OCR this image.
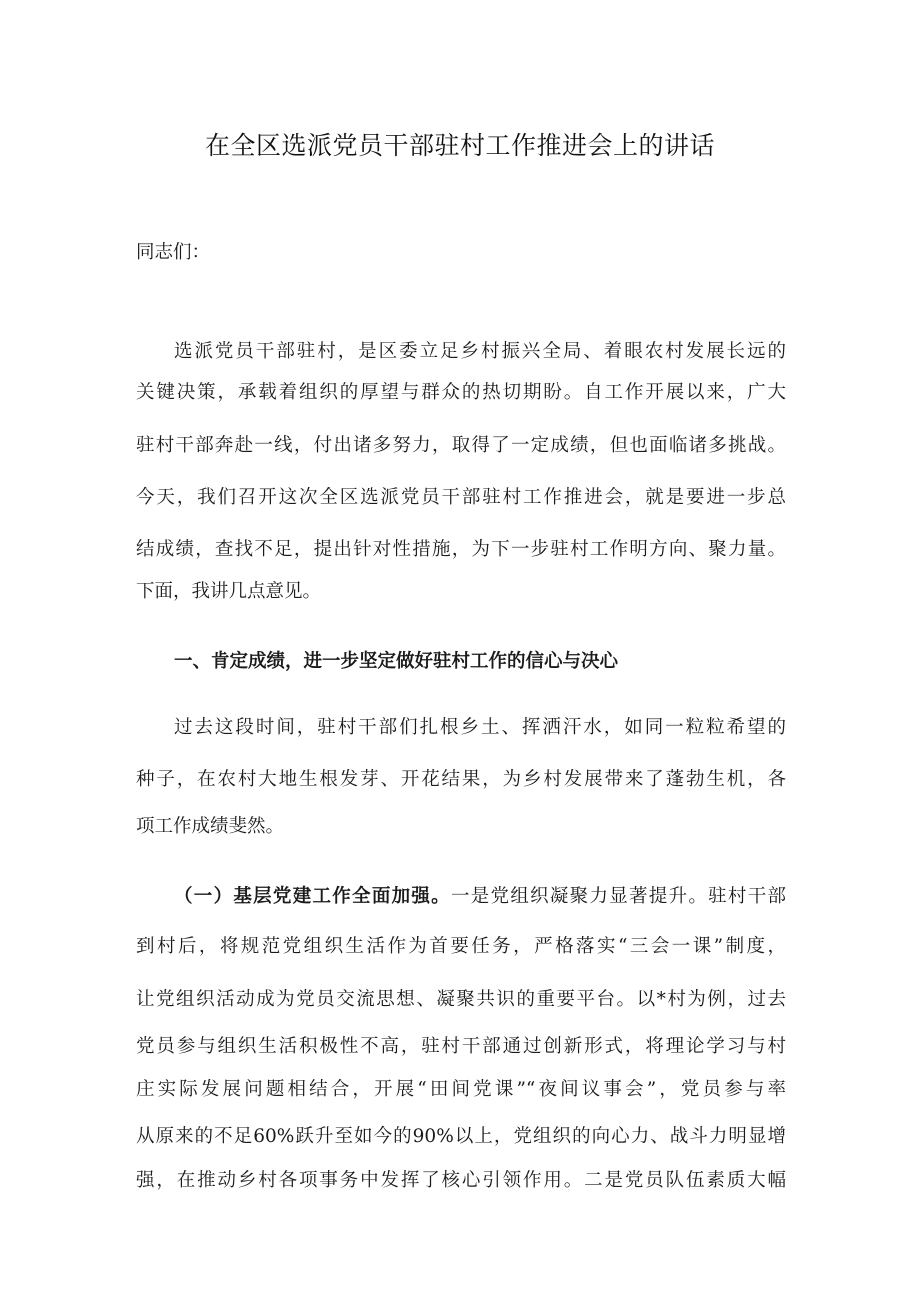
在全区选派党员干部驻村工作推进会上的讲话
同志们：
选派党员干部驻村，是区委立足乡村振兴全局、着眼农村发展长远的
关键决策，承载着组织的厚望与群众的热切期盼。自工作开展以来，广大
驻村干部奔赴一线，付出诸多努力，取得了一定成绩，但也面临诸多挑战。
今天，我们召开这次全区选派党员干部驻村工作推进会，就是要进一步总
结成绩，查找不足，提出针对性措施，为下一步驻村工作明方向、聚力量。
下面，我讲几点意见。
一、肯定成绩，进一步坚定做好驻村工作的信心与决心
过去这段时间，驻村干部们扎根乡土、挥洒汗水，如同一粒粒希望的
种子，在农村大地生根发芽、开花结果，为乡村发展带来了蓬勃生机，各
项工作成绩斐然。
（一）基层党建工作全面加强。一是党组织凝聚力显著提升。驻村干部
到村后，将规范党组织生活作为首要任务，严格落实“三会一课”制度，
让党组织活动成为党员交流思想、凝聚共识的重要平台。以*村为例，过去
党员参与组织生活积极性不高，驻村干部通过创新形式，将理论学习与村
庄实际发展问题相结合，开展“田间党课”“夜间议事会”，党员参与率
从原来的不足60%跃升至如今的90%以上，党组织的向心力、战斗力明显增
强，在推动乡村各项事务中发挥了核心引领作用。二是党员队伍素质大幅
